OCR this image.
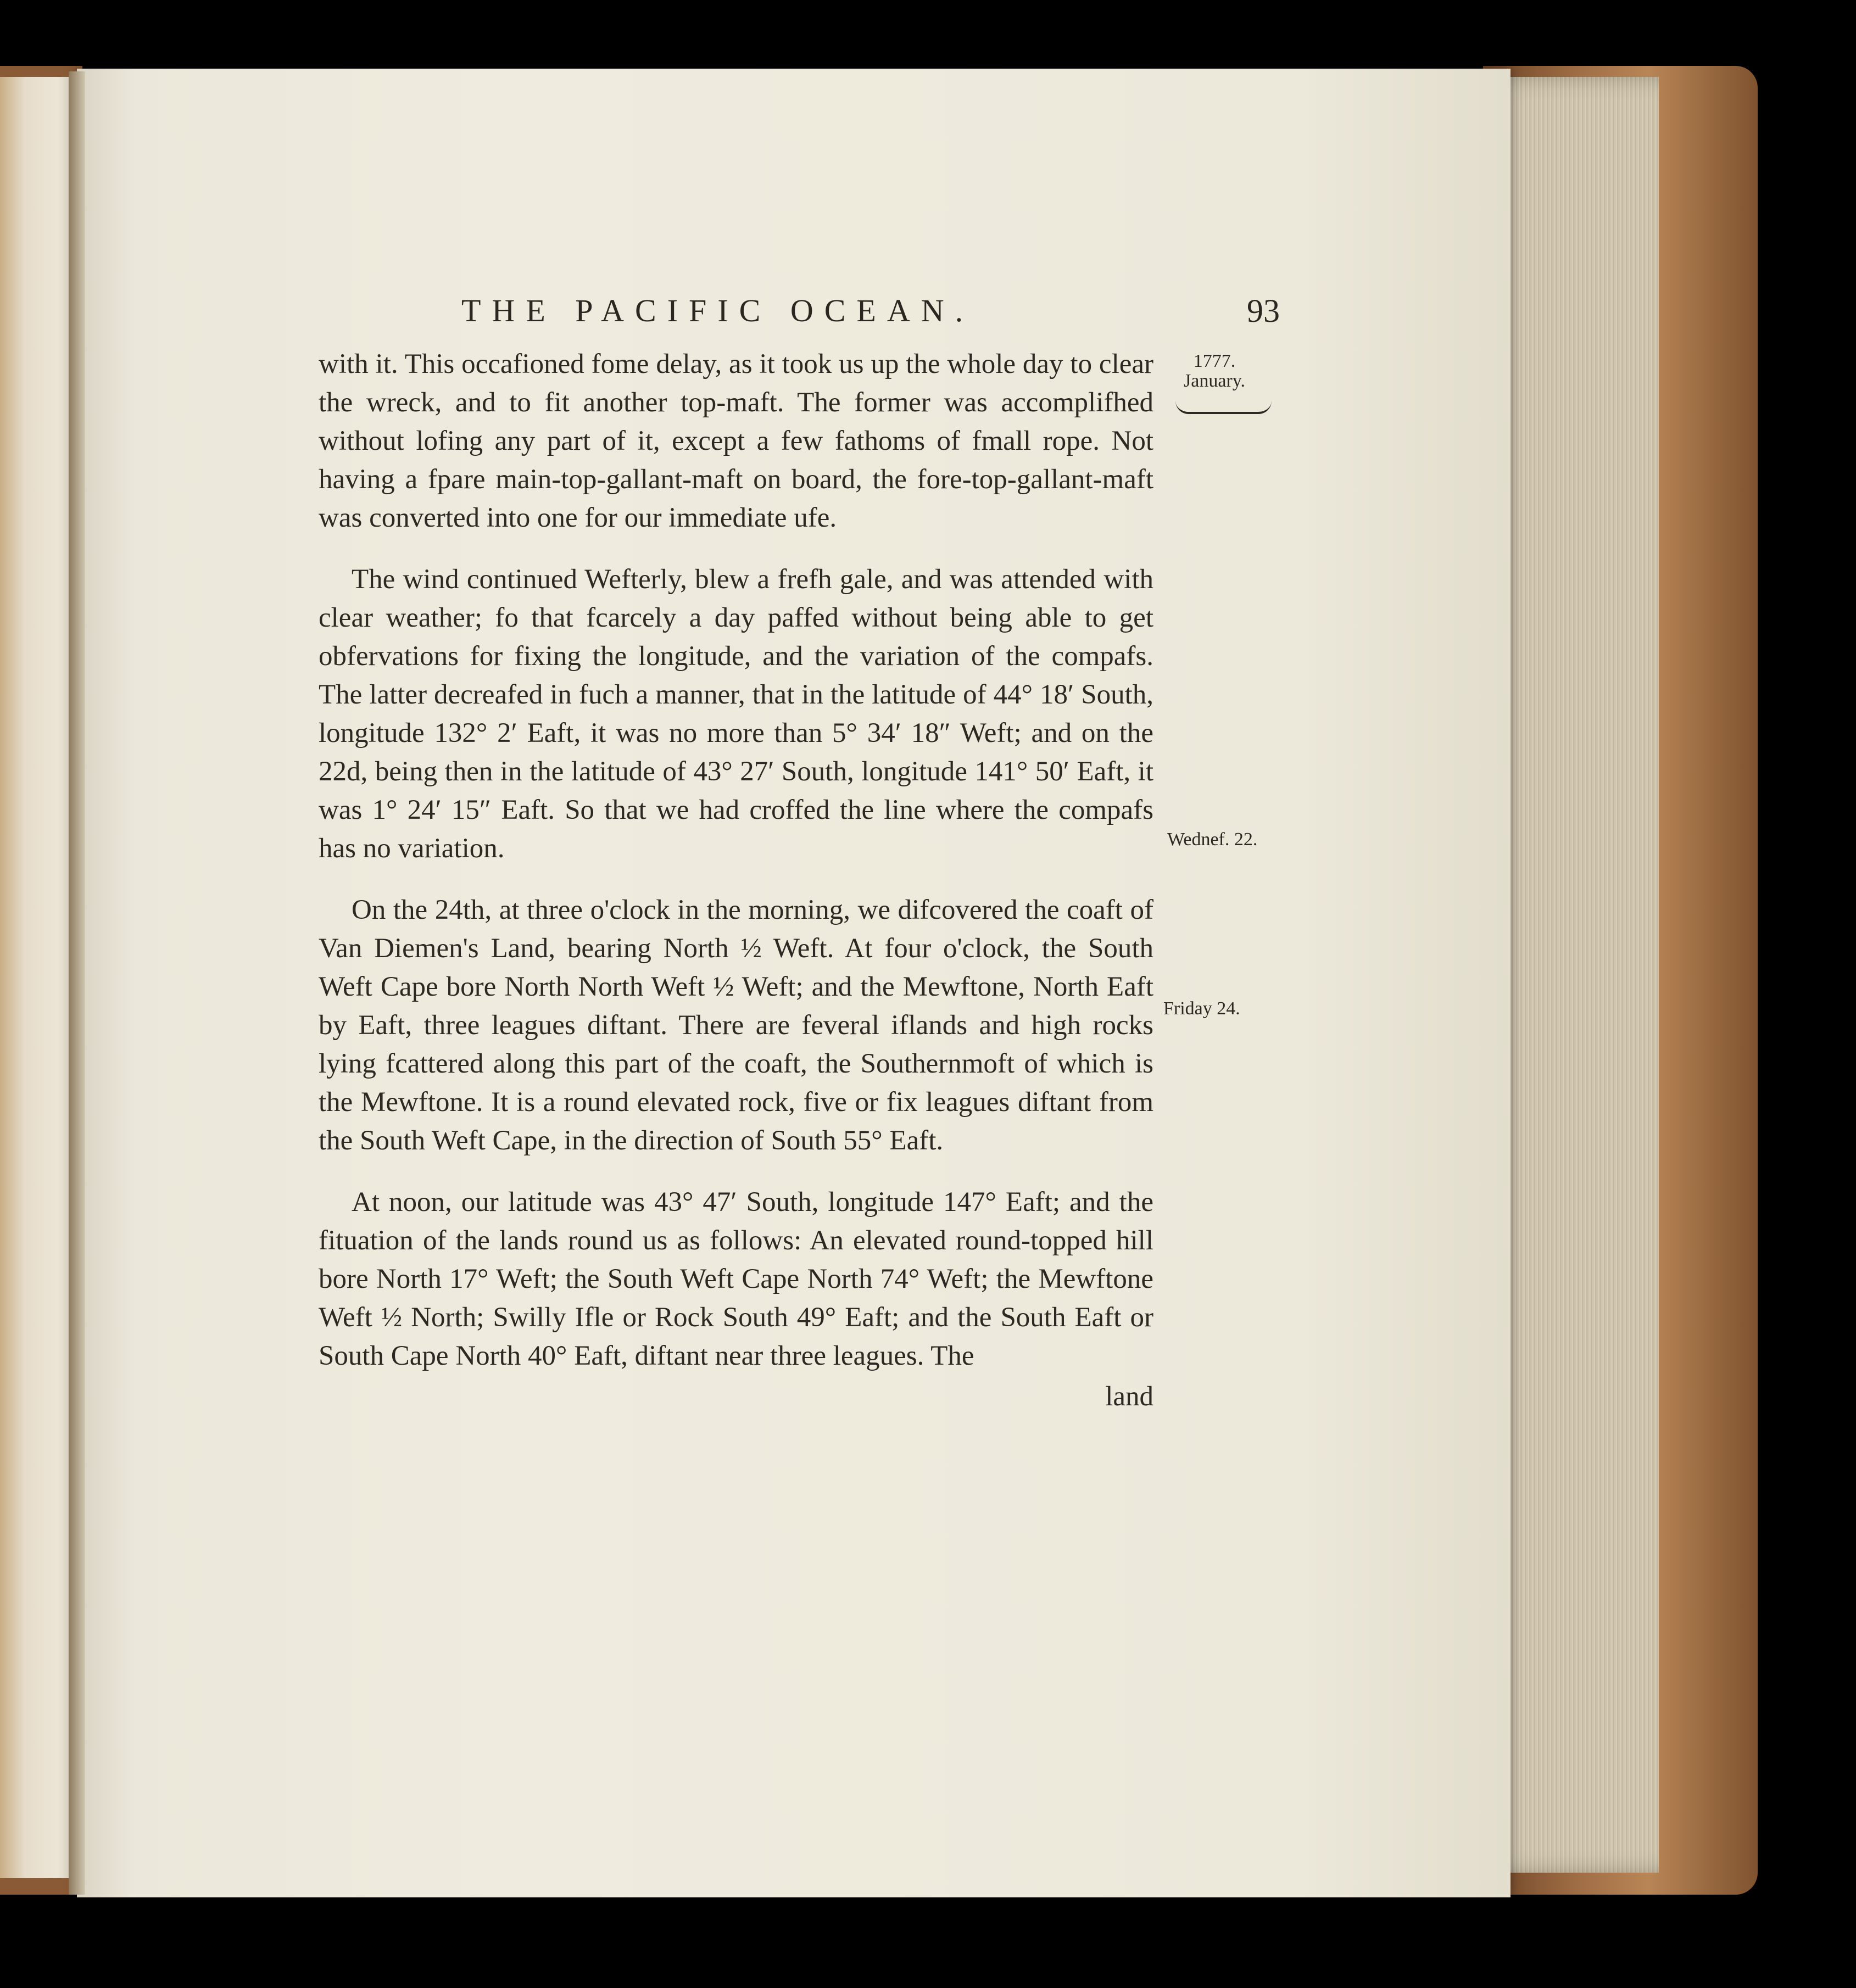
THE PACIFIC OCEAN.	93
1777.
January.
Wednef. 22.
Friday 24.

with it. This occafioned fome delay, as it took us up the whole day to clear the wreck, and to fit another top-maft. The former was accomplifhed without lofing any part of it, except a few fathoms of fmall rope. Not having a fpare main-top-gallant-maft on board, the fore-top-gallant-maft was converted into one for our immediate ufe.

The wind continued Wefterly, blew a frefh gale, and was attended with clear weather; fo that fcarcely a day paffed without being able to get obfervations for fixing the longitude, and the variation of the compafs. The latter decreafed in fuch a manner, that in the latitude of 44° 18′ South, longitude 132° 2′ Eaft, it was no more than 5° 34′ 18″ Weft; and on the 22d, being then in the latitude of 43° 27′ South, longitude 141° 50′ Eaft, it was 1° 24′ 15″ Eaft. So that we had croffed the line where the compafs has no variation.

On the 24th, at three o'clock in the morning, we difcovered the coaft of Van Diemen's Land, bearing North ½ Weft. At four o'clock, the South Weft Cape bore North North Weft ½ Weft; and the Mewftone, North Eaft by Eaft, three leagues diftant. There are feveral iflands and high rocks lying fcattered along this part of the coaft, the Southernmoft of which is the Mewftone. It is a round elevated rock, five or fix leagues diftant from the South Weft Cape, in the direction of South 55° Eaft.

At noon, our latitude was 43° 47′ South, longitude 147° Eaft; and the fituation of the lands round us as follows: An elevated round-topped hill bore North 17° Weft; the South Weft Cape North 74° Weft; the Mewftone Weft ½ North; Swilly Ifle or Rock South 49° Eaft; and the South Eaft or South Cape North 40° Eaft, diftant near three leagues. The

land
